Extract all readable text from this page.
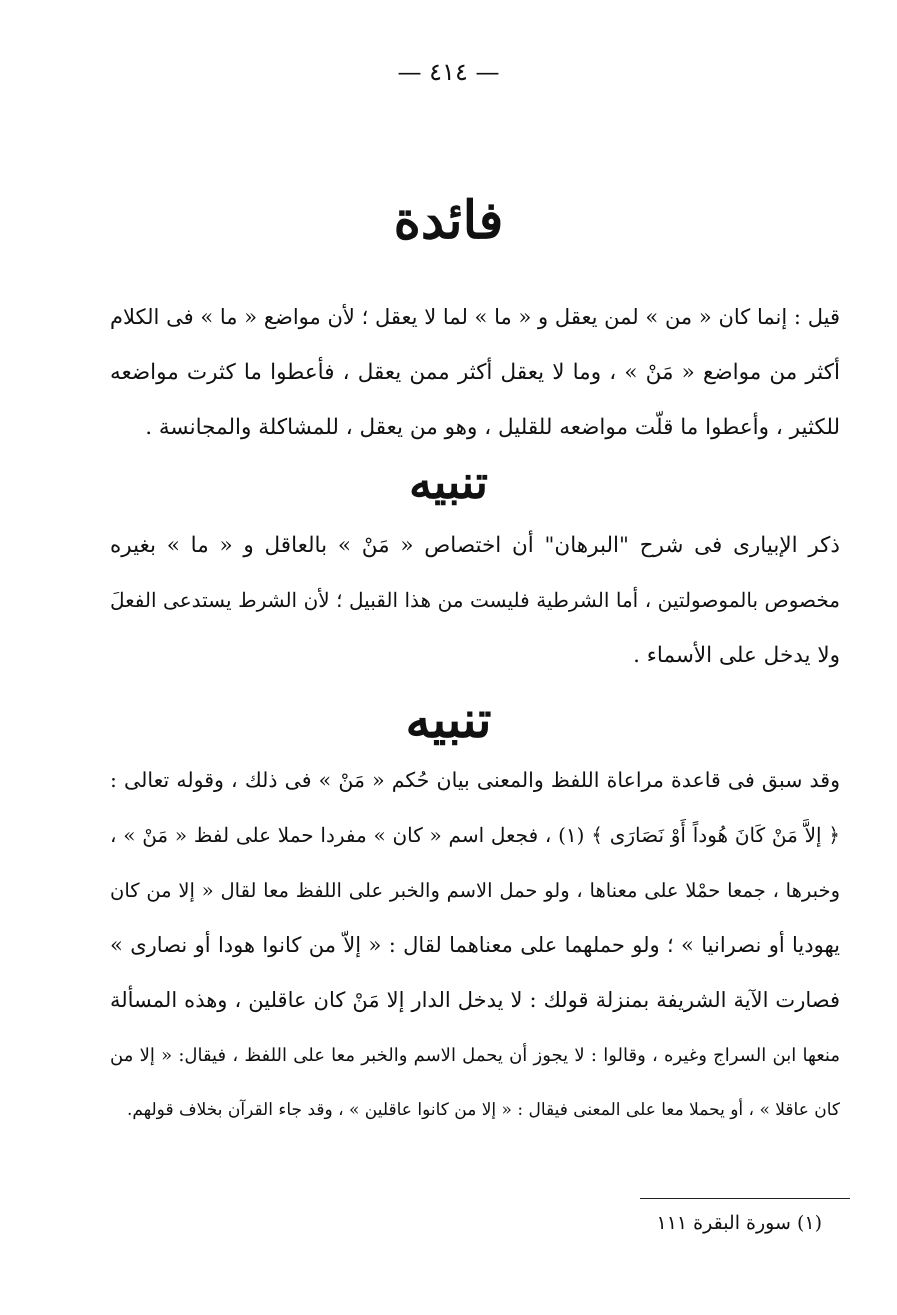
— ٤١٤ —
فائدة
قيل : إنما كان « من » لمن يعقل و « ما » لما لا يعقل ؛ لأن مواضع « ما » فى الكلام
أكثر من مواضع « مَنْ » ، وما لا يعقل أكثر ممن يعقل ، فأعطوا ما كثرت مواضعه
للكثير ، وأعطوا ما قلّت مواضعه للقليل ، وهو من يعقل ، للمشاكلة والمجانسة .
تنبيه
ذكر الإبيارى فى شرح "البرهان" أن اختصاص « مَنْ » بالعاقل و « ما » بغيره
مخصوص بالموصولتين ، أما الشرطية فليست من هذا القبيل ؛ لأن الشرط يستدعى الفعلَ
ولا يدخل على الأسماء .
تنبيه
وقد سبق فى قاعدة مراعاة اللفظ والمعنى بيان حُكم « مَنْ » فى ذلك ، وقوله تعالى :
﴿ إلاَّ مَنْ كَانَ هُوداً أَوْ نَصَارَى ﴾ (١) ، فجعل اسم « كان » مفردا حملا على لفظ « مَنْ » ،
وخبرها ، جمعا حمْلا على معناها ، ولو حمل الاسم والخبر على اللفظ معا لقال « إلا من كان
يهوديا أو نصرانيا » ؛ ولو حملهما على معناهما لقال : « إلاّ من كانوا هودا أو نصارى »
فصارت الآية الشريفة بمنزلة قولك : لا يدخل الدار إلا مَنْ كان عاقلين ، وهذه المسألة
منعها ابن السراج وغيره ، وقالوا : لا يجوز أن يحمل الاسم والخبر معا على اللفظ ، فيقال: « إلا من
كان عاقلا » ، أو يحملا معا على المعنى فيقال : « إلا من كانوا عاقلين » ، وقد جاء القرآن بخلاف قولهم.
(١) سورة البقرة ١١١
